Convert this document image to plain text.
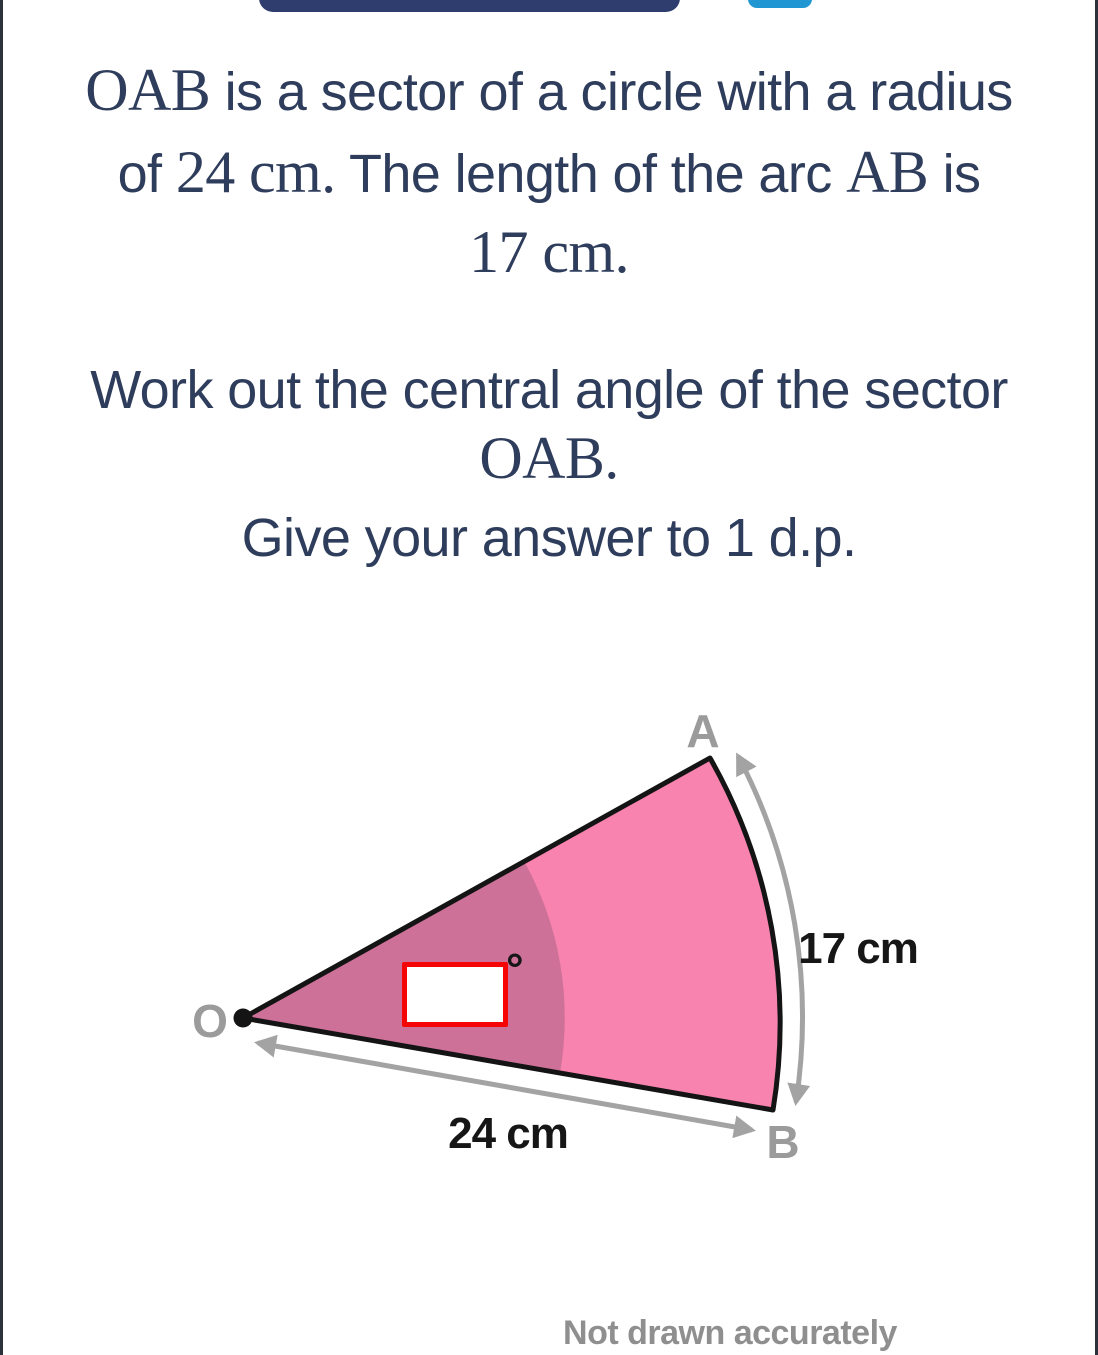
OAB is a sector of a circle with a radius
of 24 cm. The length of the arc AB is
17 cm.
Work out the central angle of the sector
OAB.
Give your answer to 1 d.p.
A
B
O
17 cm
24 cm
°
Not drawn accurately
